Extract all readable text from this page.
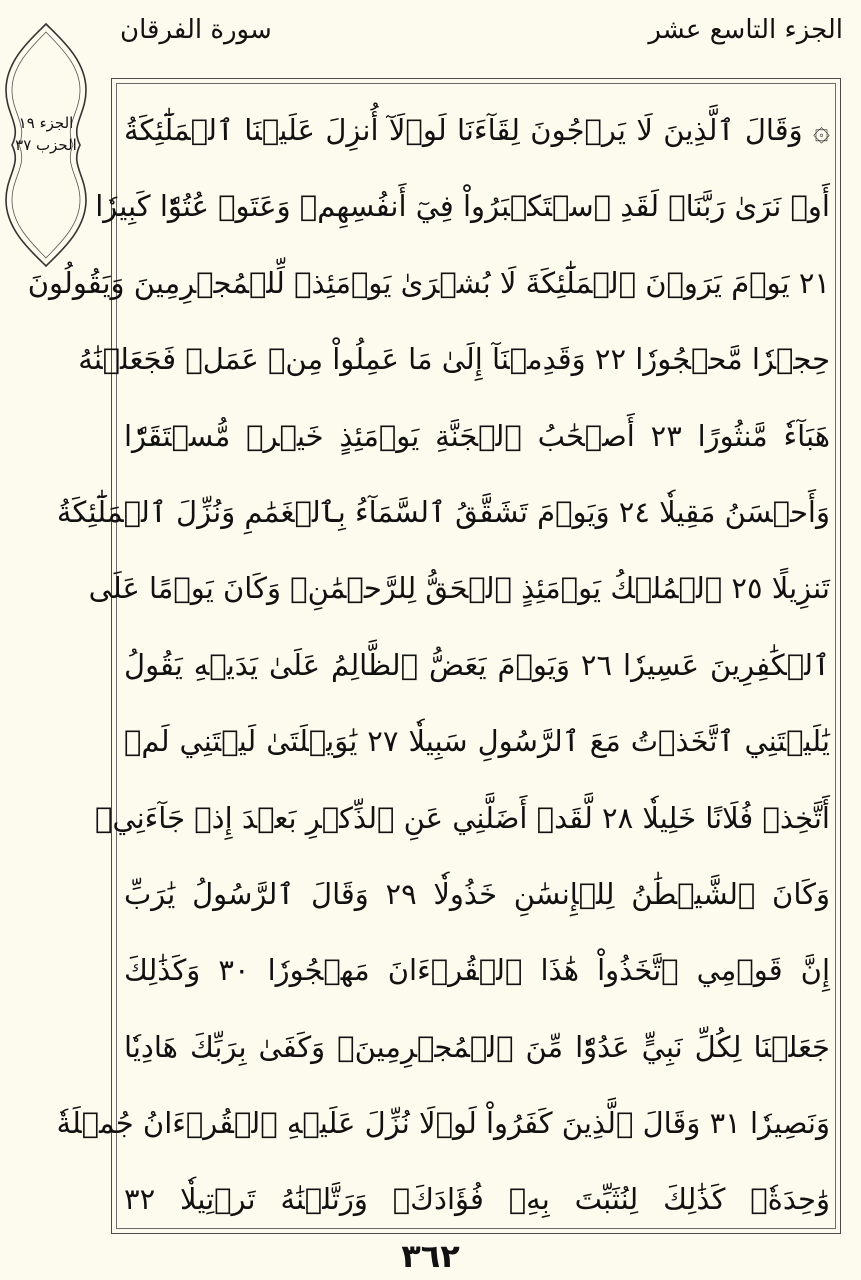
الجزء التاسع عشر
سورة الفرقان
الجزء ١٩
الحزب ٣٧	۞ وَقَالَ ٱلَّذِينَ لَا يَرۡجُونَ لِقَآءَنَا لَوۡلَآ أُنزِلَ عَلَيۡنَا ٱلۡمَلَٰٓئِكَةُ
أَوۡ نَرَىٰ رَبَّنَاۗ لَقَدِ ٱسۡتَكۡبَرُواْ فِيٓ أَنفُسِهِمۡ وَعَتَوۡ عُتُوّٗا كَبِيرٗا
٢١ يَوۡمَ يَرَوۡنَ ٱلۡمَلَٰٓئِكَةَ لَا بُشۡرَىٰ يَوۡمَئِذٖ لِّلۡمُجۡرِمِينَ وَيَقُولُونَ
حِجۡرٗا مَّحۡجُورٗا ٢٢ وَقَدِمۡنَآ إِلَىٰ مَا عَمِلُواْ مِنۡ عَمَلٖ فَجَعَلۡنَٰهُ
هَبَآءٗ مَّنثُورًا ٢٣ أَصۡحَٰبُ ٱلۡجَنَّةِ يَوۡمَئِذٍ خَيۡرٞ مُّسۡتَقَرّٗا
وَأَحۡسَنُ مَقِيلٗا ٢٤ وَيَوۡمَ تَشَقَّقُ ٱلسَّمَآءُ بِٱلۡغَمَٰمِ وَنُزِّلَ ٱلۡمَلَٰٓئِكَةُ
تَنزِيلًا ٢٥ ٱلۡمُلۡكُ يَوۡمَئِذٍ ٱلۡحَقُّ لِلرَّحۡمَٰنِۚ وَكَانَ يَوۡمًا عَلَى
ٱلۡكَٰفِرِينَ عَسِيرٗا ٢٦ وَيَوۡمَ يَعَضُّ ٱلظَّالِمُ عَلَىٰ يَدَيۡهِ يَقُولُ
يَٰلَيۡتَنِي ٱتَّخَذۡتُ مَعَ ٱلرَّسُولِ سَبِيلٗا ٢٧ يَٰوَيۡلَتَىٰ لَيۡتَنِي لَمۡ
أَتَّخِذۡ فُلَانًا خَلِيلٗا ٢٨ لَّقَدۡ أَضَلَّنِي عَنِ ٱلذِّكۡرِ بَعۡدَ إِذۡ جَآءَنِيۗ
وَكَانَ ٱلشَّيۡطَٰنُ لِلۡإِنسَٰنِ خَذُولٗا ٢٩ وَقَالَ ٱلرَّسُولُ يَٰرَبِّ
إِنَّ قَوۡمِي ٱتَّخَذُواْ هَٰذَا ٱلۡقُرۡءَانَ مَهۡجُورٗا ٣٠ وَكَذَٰلِكَ
جَعَلۡنَا لِكُلِّ نَبِيٍّ عَدُوّٗا مِّنَ ٱلۡمُجۡرِمِينَۗ وَكَفَىٰ بِرَبِّكَ هَادِيٗا
وَنَصِيرٗا ٣١ وَقَالَ ٱلَّذِينَ كَفَرُواْ لَوۡلَا نُزِّلَ عَلَيۡهِ ٱلۡقُرۡءَانُ جُمۡلَةٗ
وَٰحِدَةٗۚ كَذَٰلِكَ لِنُثَبِّتَ بِهِۦ فُؤَادَكَۖ وَرَتَّلۡنَٰهُ تَرۡتِيلٗا ٣٢
٣٦٢
